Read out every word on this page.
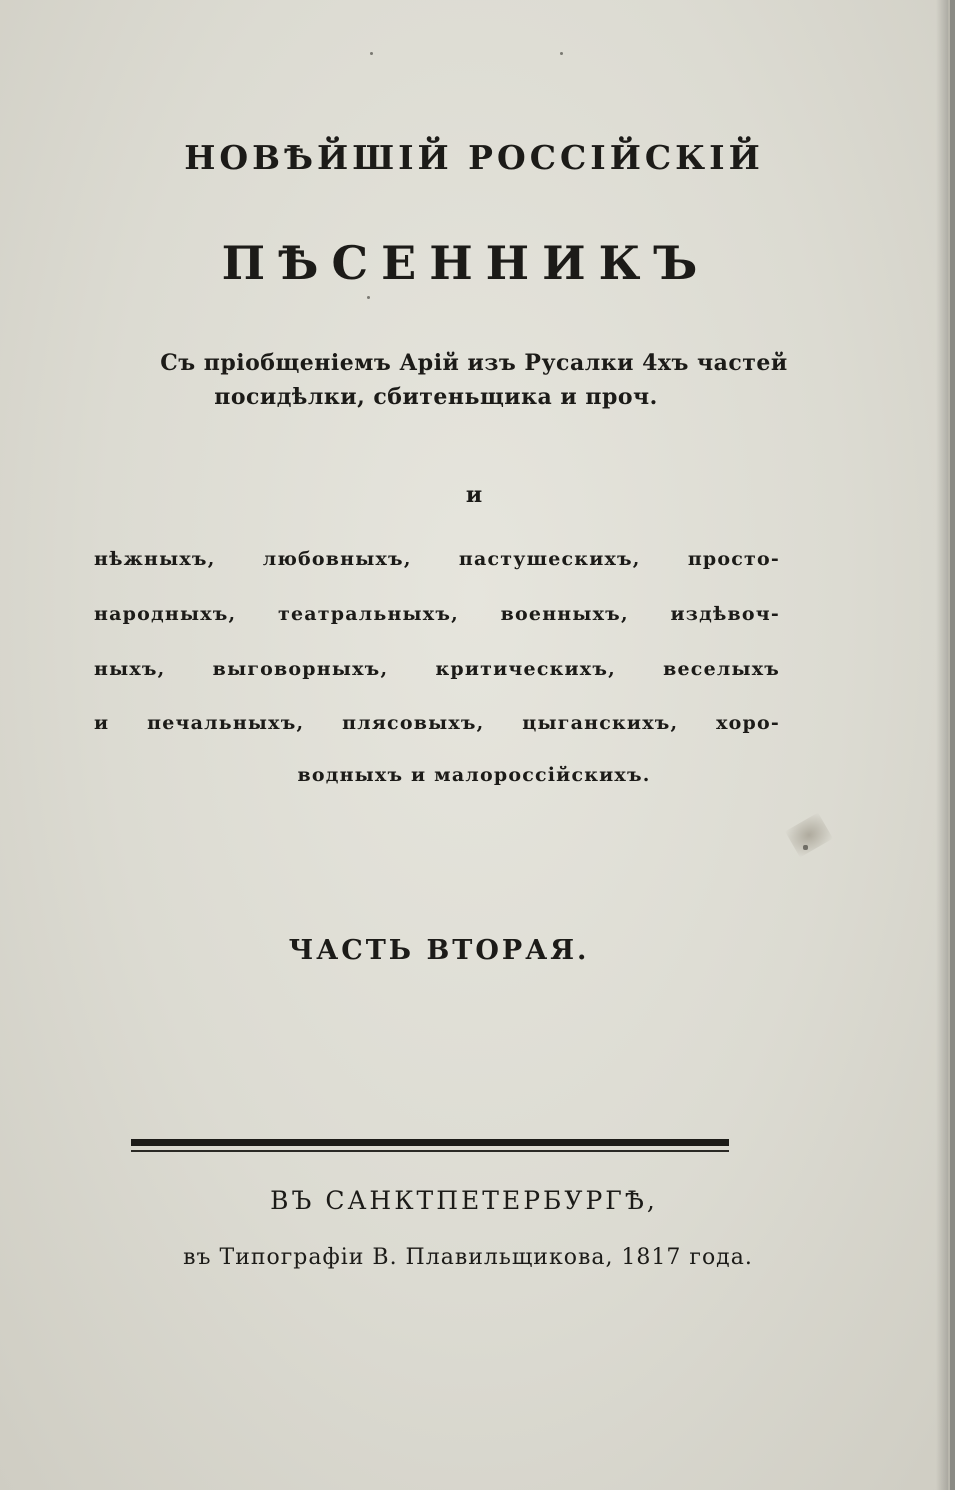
НОВѢЙШІЙ РОССІЙСКІЙ
ПѢСЕННИКЪ
Съ пріобщеніемъ Арій изъ Русалки 4хъ частей
посидѣлки, сбитеньщика и проч.
и
нѣжныхъ, любовныхъ, пастушескихъ, просто-
народныхъ, театральныхъ, военныхъ, издѣвоч-
ныхъ, выговорныхъ, критическихъ, веселыхъ
и печальныхъ, плясовыхъ, цыганскихъ, хоро-
водныхъ и малороссійскихъ.
ЧАСТЬ ВТОРАЯ.
ВЪ САНКТПЕТЕРБУРГѢ,
въ Типографіи В. Плавильщикова, 1817 года.
